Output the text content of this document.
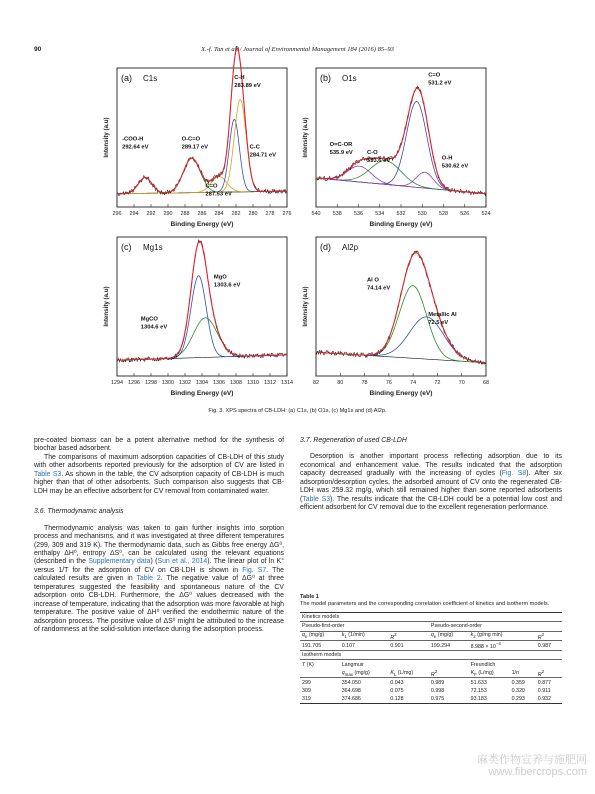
90	X.-f. Tan et al. / Journal of Environmental Management 184 (2016) 85–93
296 294 292 290 288 286 284 282 280 278 276
Binding Energy (eV)
Intensity (a.u)
(a) C1s	C-H
283.89 eV
-COO-H
292.64 eV
O-C=O
289.17 eV	C-C
284.71 eV
C=O
287.53 eV
540 538 536 534 532 530 528 526 524
Binding Energy (eV)
Intensity (a.u)
(b) O1s	C=O
531.2 eV
O=C-OR
535.9 eV C-O
533.6 eV	O-H
530.62 eV
1294 1296 1298 1300 1302 1304 1306 1308 1310 1312 1314
Binding Energy (eV)
Intensity (a.u)
(c) Mg1s
MgO
1303.6 eV
MgCO
1304.6 eV
82	80	78	76	74	72	70	68
Binding Energy (eV)
Intensity (a.u)
(d) Al2p
Al O
74.14 eV
Metallic Al
72.5 eV
Fig. 3. XPS spectra of CB-LDH: (a) C1s, (b) O1s, (c) Mg1s and (d) Al2p.

pre-coated biomass can be a potent alternative method for the synthesis of biochar based adsorbent.

The comparisons of maximum adsorption capacities of CB-LDH of this study with other adsorbents reported previously for the adsorption of CV are listed in Table S3. As shown in the table, the CV adsorption capacity of CB-LDH is much higher than that of other adsorbents. Such comparison also suggests that CB-LDH may be an effective adsorbent for CV removal from contaminated water.

3.6. Thermodynamic analysis

Thermodynamic analysis was taken to gain further insights into sorption process and mechanisms, and it was investigated at three different temperatures (299, 309 and 319 K). The thermodynamic data, such as Gibbs free energy ΔG⁰, enthalpy ΔH⁰, entropy ΔS⁰, can be calculated using the relevant equations (described in the Supplementary data) (Sun et al., 2014). The linear plot of ln K° versus 1/T for the adsorption of CV on CB-LDH is shown in Fig. S7. The calculated results are given in Table 2. The negative value of ΔG⁰ at three temperatures suggested the feasibility and spontaneous nature of the CV adsorption onto CB-LDH. Furthermore, the ΔG⁰ values decreased with the increase of temperature, indicating that the adsorption was more favorable at high temperature. The positive value of ΔH⁰ verified the endothermic nature of the adsorption process. The positive value of ΔS⁰ might be attributed to the increase of randomness at the solid-solution interface during the adsorption process.

3.7. Regeneration of used CB-LDH

Desorption is another important process reflecting adsorption due to its economical and enhancement value. The results indicated that the adsorption capacity decreased gradually with the increasing of cycles (Fig. S8). After six adsorption/desorption cycles, the adsorbed amount of CV onto the regenerated CB-LDH was 259.32 mg/g, which still remained higher than some reported adsorbents (Table S3). The results indicate that the CB-LDH could be a potential low cost and efficient adsorbent for CV removal due to the excellent regeneration performance.

Table 1
The model parameters and the corresponding correlation coefficient of kinetics and isotherm models.
Kinetics models						
Pseudo-first-order			Pseudo-second-order			
$q_e$ (mg/g)	$k_1$ (1/min)	$R^2$	$q_e$ (mg/g)	$k_2$ (g/mg min)		$R^2$
191.705	0.107	0.901	199.294	$8.988 \times 10^{-4}$		0.987
Isotherm models						
T (K)	Langmuir			Freundlich		
	$q_{max}$ (mg/g)	$K_L$ (L/mg)	$R^2$	$K_F$ (L/mg)	1/n	$R^2$
299	354.050	0.043	0.989	51.633	0.359	0.877
309	364.698	0.075	0.998	72.153	0.320	0.911
319	374.686	0.128	0.975	93.183	0.293	0.932
麻类作物宣养与施肥网
www.fibercrops.com
